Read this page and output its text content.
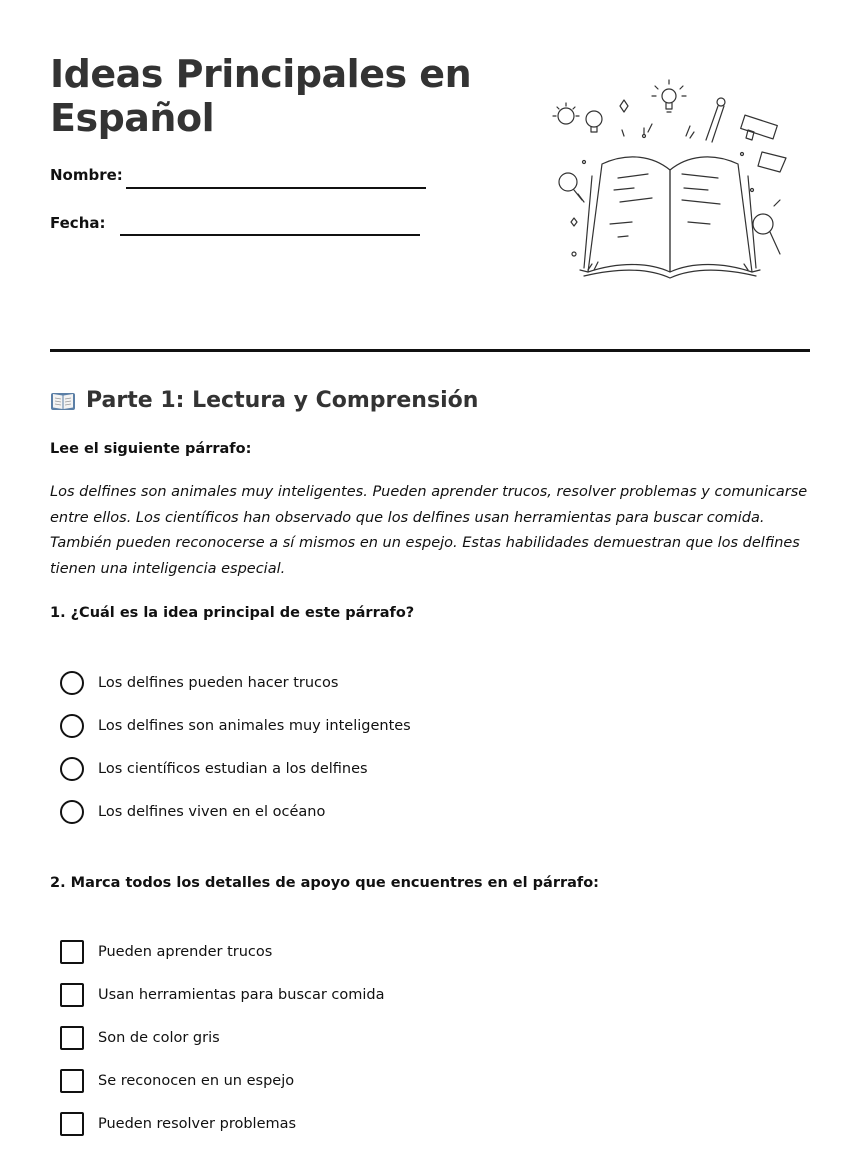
Ideas Principales en Español
Nombre:
Fecha:
Parte 1: Lectura y Comprensión

Lee el siguiente párrafo:

Los delfines son animales muy inteligentes. Pueden aprender trucos, resolver problemas y comunicarse entre ellos. Los científicos han observado que los delfines usan herramientas para buscar comida. También pueden reconocerse a sí mismos en un espejo. Estas habilidades demuestran que los delfines tienen una inteligencia especial.

1. ¿Cuál es la idea principal de este párrafo?

Los delfines pueden hacer trucos
Los delfines son animales muy inteligentes
Los científicos estudian a los delfines
Los delfines viven en el océano

2. Marca todos los detalles de apoyo que encuentres en el párrafo:

Pueden aprender trucos
Usan herramientas para buscar comida
Son de color gris
Se reconocen en un espejo
Pueden resolver problemas
